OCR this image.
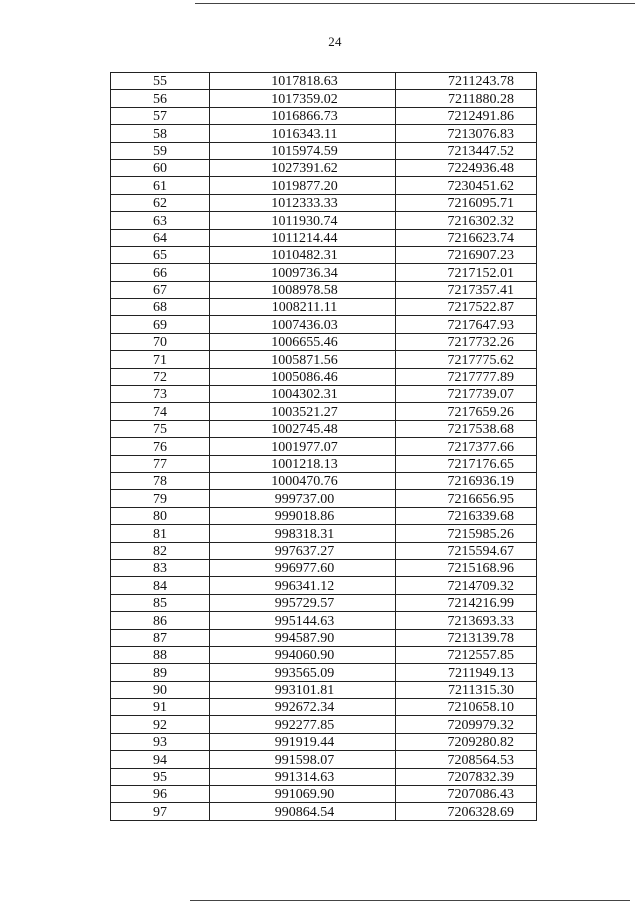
24
55	1017818.63	7211243.78
56	1017359.02	7211880.28
57	1016866.73	7212491.86
58	1016343.11	7213076.83
59	1015974.59	7213447.52
60	1027391.62	7224936.48
61	1019877.20	7230451.62
62	1012333.33	7216095.71
63	1011930.74	7216302.32
64	1011214.44	7216623.74
65	1010482.31	7216907.23
66	1009736.34	7217152.01
67	1008978.58	7217357.41
68	1008211.11	7217522.87
69	1007436.03	7217647.93
70	1006655.46	7217732.26
71	1005871.56	7217775.62
72	1005086.46	7217777.89
73	1004302.31	7217739.07
74	1003521.27	7217659.26
75	1002745.48	7217538.68
76	1001977.07	7217377.66
77	1001218.13	7217176.65
78	1000470.76	7216936.19
79	999737.00	7216656.95
80	999018.86	7216339.68
81	998318.31	7215985.26
82	997637.27	7215594.67
83	996977.60	7215168.96
84	996341.12	7214709.32
85	995729.57	7214216.99
86	995144.63	7213693.33
87	994587.90	7213139.78
88	994060.90	7212557.85
89	993565.09	7211949.13
90	993101.81	7211315.30
91	992672.34	7210658.10
92	992277.85	7209979.32
93	991919.44	7209280.82
94	991598.07	7208564.53
95	991314.63	7207832.39
96	991069.90	7207086.43
97	990864.54	7206328.69
